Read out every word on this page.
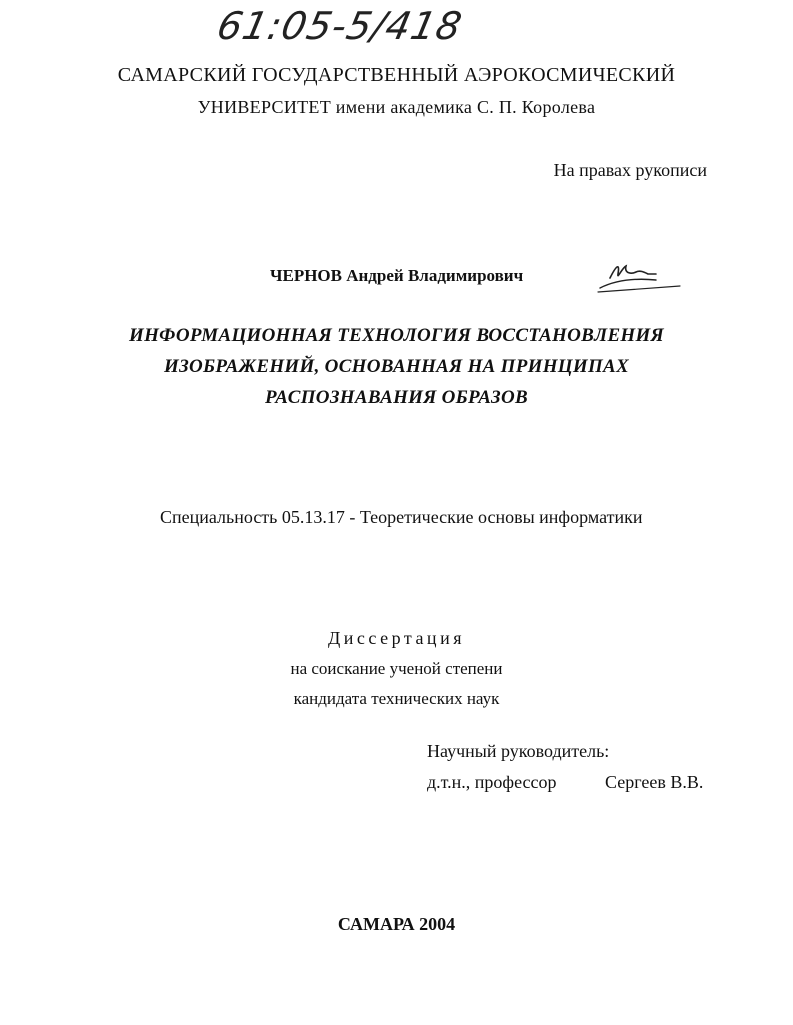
61:05-5/418
САМАРСКИЙ ГОСУДАРСТВЕННЫЙ АЭРОКОСМИЧЕСКИЙ
УНИВЕРСИТЕТ имени академика С. П. Королева
На правах рукописи
ЧЕРНОВ Андрей Владимирович
ИНФОРМАЦИОННАЯ ТЕХНОЛОГИЯ ВОССТАНОВЛЕНИЯ
ИЗОБРАЖЕНИЙ, ОСНОВАННАЯ НА ПРИНЦИПАХ
РАСПОЗНАВАНИЯ ОБРАЗОВ
Специальность 05.13.17 - Теоретические основы информатики
Диссертация
на соискание ученой степени
кандидата технических наук
Научный руководитель:
д.т.н., профессор	Сергеев В.В.
САМАРА 2004
